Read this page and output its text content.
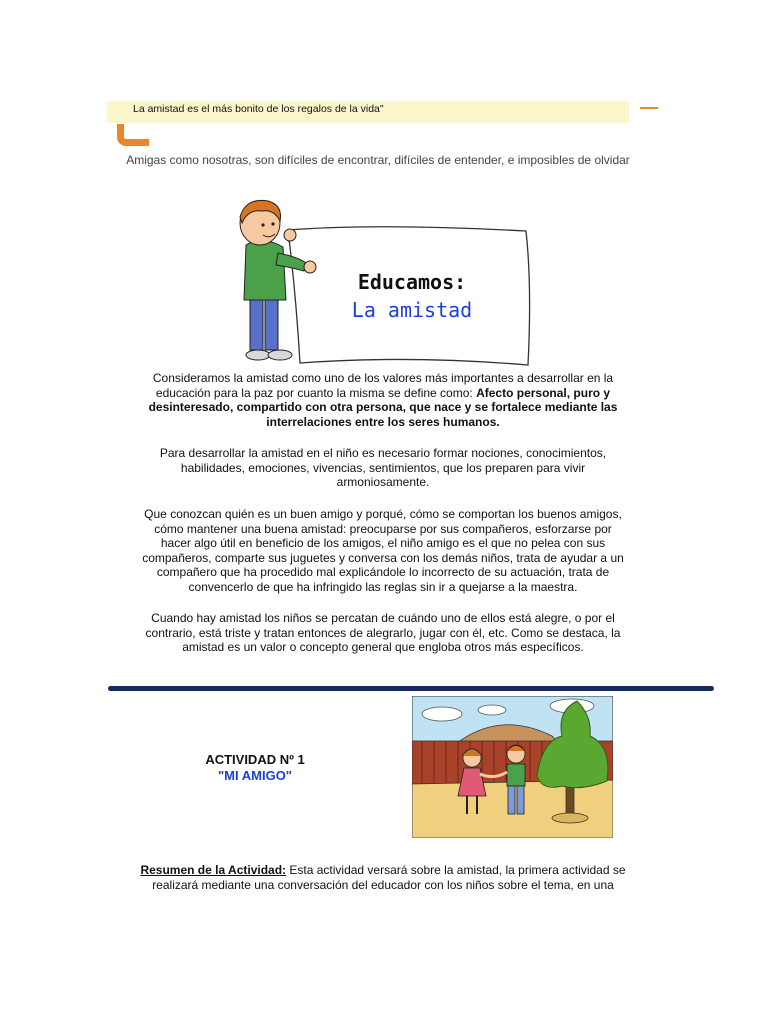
La amistad es el más bonito de los regalos de la vida"
Amigas como nosotras, son difíciles de encontrar, difíciles de entender, e imposibles de olvidar
Educamos:
La amistad
Consideramos la amistad como uno de los valores más importantes a desarrollar en la
educación para la paz por cuanto la misma se define como: Afecto personal, puro y
desinteresado, compartido con otra persona, que nace y se fortalece mediante las
interrelaciones entre los seres humanos.
Para desarrollar la amistad en el niño es necesario formar nociones, conocimientos,
habilidades, emociones, vivencias, sentimientos, que los preparen para vivir
armoniosamente.
Que conozcan quién es un buen amigo y porqué, cómo se comportan los buenos amigos,
cómo mantener una buena amistad: preocuparse por sus compañeros, esforzarse por
hacer algo útil en beneficio de los amigos, el niño amigo es el que no pelea con sus
compañeros, comparte sus juguetes y conversa con los demás niños, trata de ayudar a un
compañero que ha procedido mal explicándole lo incorrecto de su actuación, trata de
convencerlo de que ha infringido las reglas sin ir a quejarse a la maestra.
Cuando hay amistad los niños se percatan de cuándo uno de ellos está alegre, o por el
contrario, está triste y tratan entonces de alegrarlo, jugar con él, etc. Como se destaca, la
amistad es un valor o concepto general que engloba otros más específicos.
ACTIVIDAD Nº 1
"MI AMIGO"
Resumen de la Actividad: Esta actividad versará sobre la amistad, la primera actividad se
realizará mediante una conversación del educador con los niños sobre el tema, en una
